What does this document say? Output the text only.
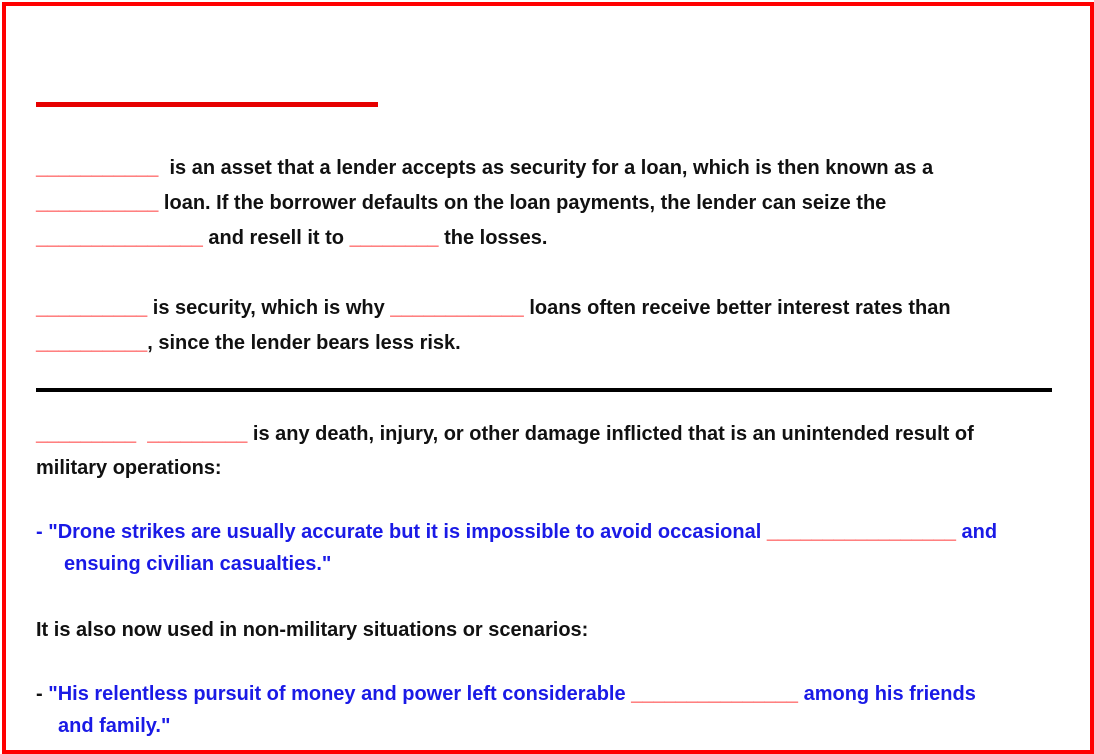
___________  is an asset that a lender accepts as security for a loan, which is then known as a
___________ loan. If the borrower defaults on the loan payments, the lender can seize the
_______________ and resell it to ________ the losses.
__________ is security, which is why ____________ loans often receive better interest rates than
__________, since the lender bears less risk.
_________ _________ is any death, injury, or other damage inflicted that is an unintended result of
military operations:
- "Drone strikes are usually accurate but it is impossible to avoid occasional _________________ and
ensuing civilian casualties."
It is also now used in non-military situations or scenarios:
- "His relentless pursuit of money and power left considerable _______________ among his friends
and family."
